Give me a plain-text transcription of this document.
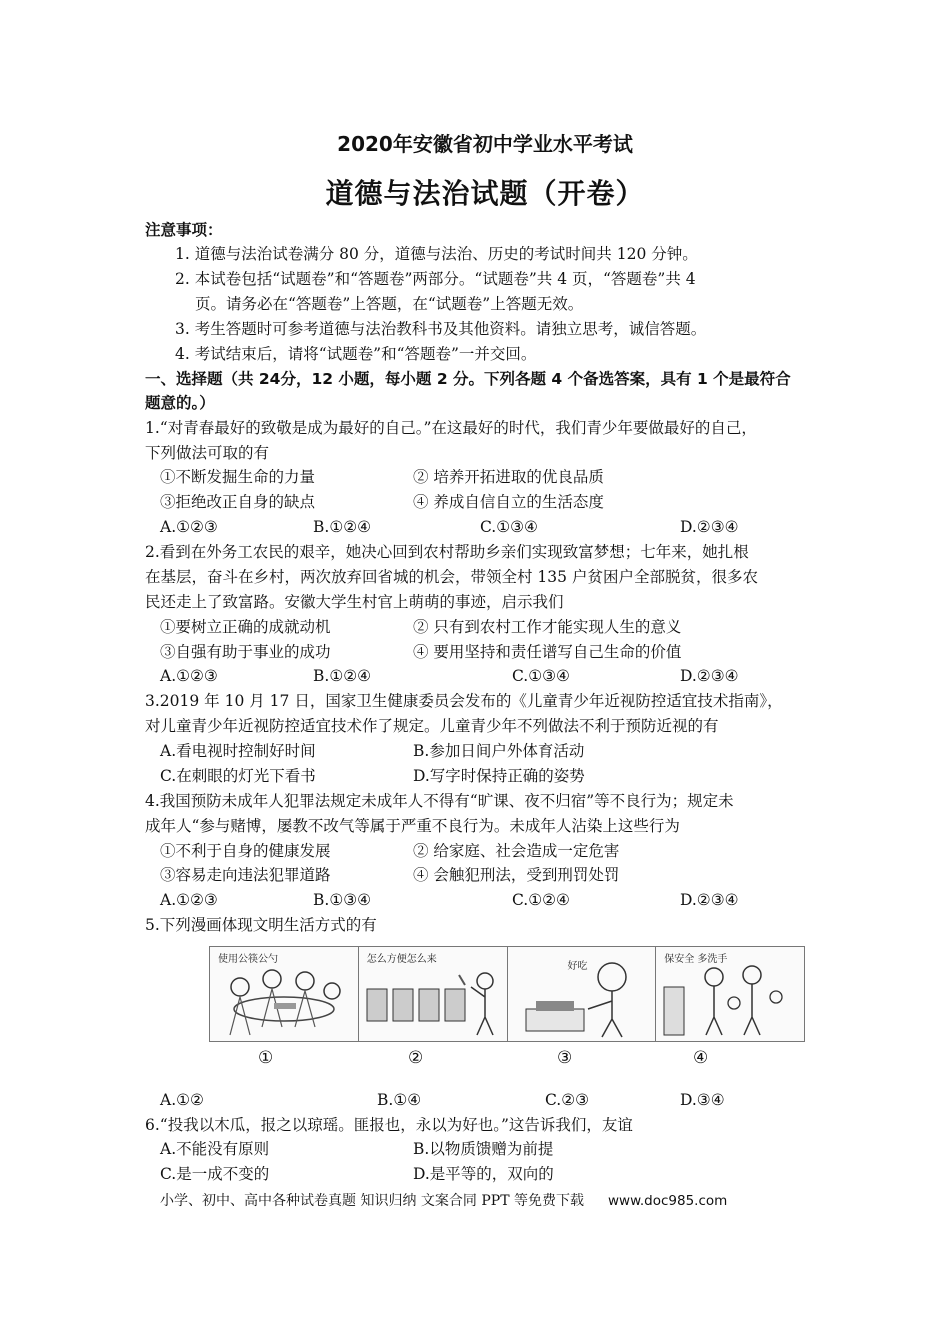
2020年安徽省初中学业水平考试
道德与法治试题（开卷）
注意事项：
1. 道德与法治试卷满分 80 分，道德与法治、历史的考试时间共 120 分钟。
2. 本试卷包括“试题卷”和“答题卷”两部分。“试题卷”共 4 页，“答题卷”共 4
页。请务必在“答题卷”上答题，在“试题卷”上答题无效。
3. 考生答题时可参考道德与法治教科书及其他资料。请独立思考，诚信答题。
4. 考试结束后，请将“试题卷”和“答题卷”一并交回。
一、选择题（共 24分，12 小题，每小题 2 分。下列各题 4 个备选答案，具有 1 个是最符合
题意的。）
1.“对青春最好的致敬是成为最好的自己。”在这最好的时代，我们青少年要做最好的自己，
下列做法可取的有
①不断发掘生命的力量	② 培养开拓进取的优良品质
③拒绝改正自身的缺点	④ 养成自信自立的生活态度
A.①②③	B.①②④	C.①③④	D.②③④
2.看到在外务工农民的艰辛，她决心回到农村帮助乡亲们实现致富梦想；七年来，她扎根
在基层，奋斗在乡村，两次放弃回省城的机会，带领全村 135 户贫困户全部脱贫，很多农
民还走上了致富路。安徽大学生村官上萌萌的事迹，启示我们
①要树立正确的成就动机	② 只有到农村工作才能实现人生的意义
③自强有助于事业的成功	④ 要用坚持和责任谱写自己生命的价值
A.①②③	B.①②④	C.①③④	D.②③④
3.2019 年 10 月 17 日，国家卫生健康委员会发布的《儿童青少年近视防控适宜技术指南》，
对儿童青少年近视防控适宜技术作了规定。儿童青少年不列做法不利于预防近视的有
A.看电视时控制好时间	B.参加日间户外体育活动
C.在刺眼的灯光下看书	D.写字时保持正确的姿势
4.我国预防未成年人犯罪法规定未成年人不得有“旷课、夜不归宿”等不良行为；规定未
成年人“参与赌博，屡教不改气等属于严重不良行为。未成年人沾染上这些行为
①不利于自身的健康发展	② 给家庭、社会造成一定危害
③容易走向违法犯罪道路	④ 会触犯刑法，受到刑罚处罚
A.①②③	B.①③④	C.①②④	D.②③④
5.下列漫画体现文明生活方式的有
使用公筷公勺	怎么方便怎么来
好吃
保安全 多洗手
①	②	③	④
A.①②	B.①④	C.②③	D.③④
6.“投我以木瓜，报之以琼瑶。匪报也，永以为好也。”这告诉我们，友谊
A.不能没有原则	B.以物质馈赠为前提
C.是一成不变的	D.是平等的，双向的
小学、初中、高中各种试卷真题 知识归纳 文案合同 PPT 等免费下载 www.doc985.com
